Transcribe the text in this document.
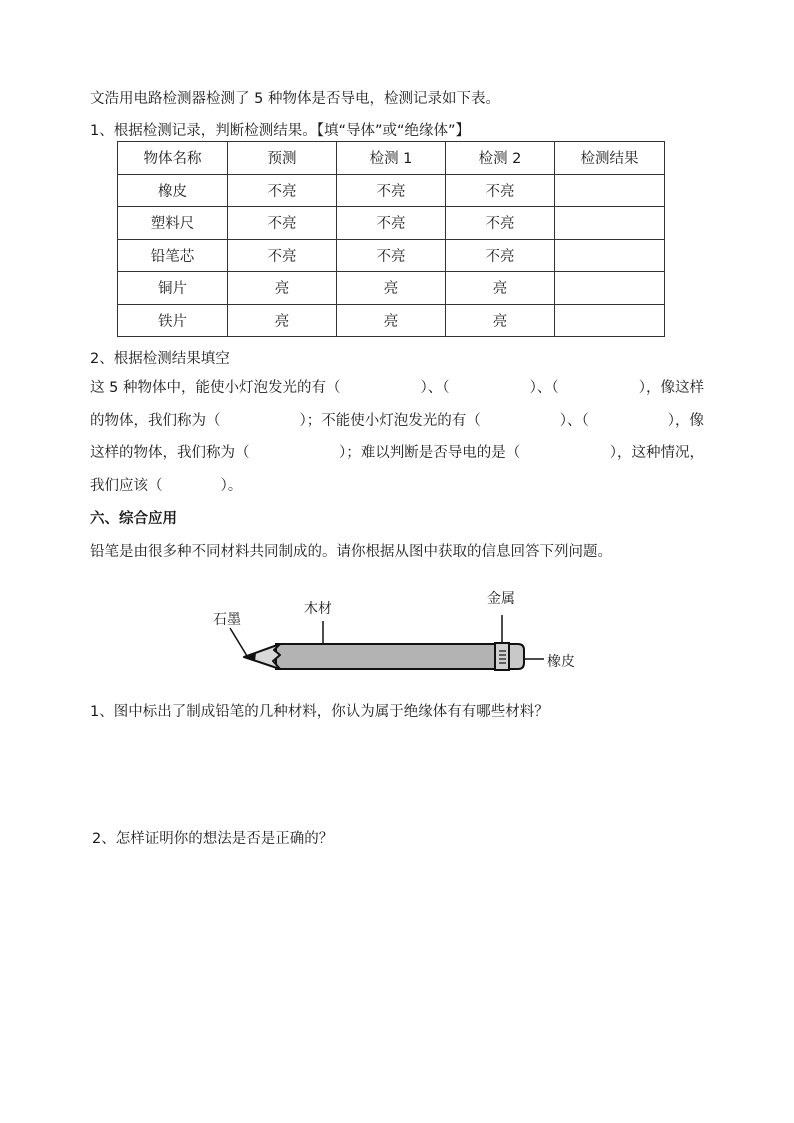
文浩用电路检测器检测了 5 种物体是否导电，检测记录如下表。
1、根据检测记录，判断检测结果。【填“导体”或“绝缘体”】
物体名称	预测	检测 1	检测 2	检测结果
橡皮	不亮	不亮	不亮	
塑料尺	不亮	不亮	不亮	
铅笔芯	不亮	不亮	不亮	
铜片	亮	亮	亮	
铁片	亮	亮	亮	
2、根据检测结果填空
这 5 种物体中，能使小灯泡发光的有（	）、（	）、（	），像这样
的物体，我们称为（	）；不能使小灯泡发光的有（	）、（	），像
这样的物体，我们称为（	）；难以判断是否导电的是（	），这种情况，
我们应该（	）。
六、综合应用
铅笔是由很多种不同材料共同制成的。请你根据从图中获取的信息回答下列问题。
石墨
木材
金属
橡皮
1、图中标出了制成铅笔的几种材料，你认为属于绝缘体有有哪些材料？
2、怎样证明你的想法是否是正确的？
